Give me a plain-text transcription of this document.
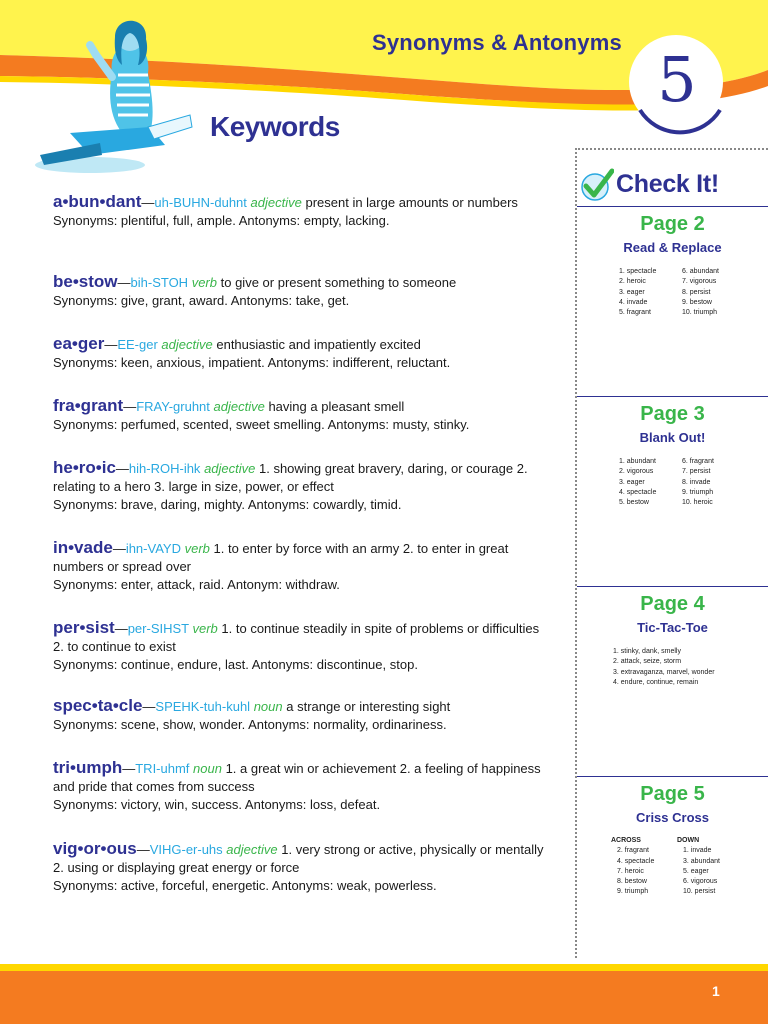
Synonyms & Antonyms
5
Keywords
a•bun•dant—uh-BUHN-duhnt adjective present in large amounts or numbers
Synonyms: plentiful, full, ample. Antonyms: empty, lacking.
be•stow—bih-STOH verb to give or present something to someone
Synonyms: give, grant, award. Antonyms: take, get.
ea•ger—EE-ger adjective enthusiastic and impatiently excited
Synonyms: keen, anxious, impatient. Antonyms: indifferent, reluctant.
fra•grant—FRAY-gruhnt adjective having a pleasant smell
Synonyms: perfumed, scented, sweet smelling. Antonyms: musty, stinky.
he•ro•ic—hih-ROH-ihk adjective 1. showing great bravery, daring, or courage 2. relating to a hero 3. large in size, power, or effect
Synonyms: brave, daring, mighty. Antonyms: cowardly, timid.
in•vade—ihn-VAYD verb 1. to enter by force with an army 2. to enter in great numbers or spread over
Synonyms: enter, attack, raid. Antonym: withdraw.
per•sist—per-SIHST verb 1. to continue steadily in spite of problems or difficulties 2. to continue to exist
Synonyms: continue, endure, last. Antonyms: discontinue, stop.
spec•ta•cle—SPEHK-tuh-kuhl noun a strange or interesting sight
Synonyms: scene, show, wonder. Antonyms: normality, ordinariness.
tri•umph—TRI-uhmf noun 1. a great win or achievement 2. a feeling of happiness and pride that comes from success
Synonyms: victory, win, success. Antonyms: loss, defeat.
vig•or•ous—VIHG-er-uhs adjective 1. very strong or active, physically or mentally 2. using or displaying great energy or force
Synonyms: active, forceful, energetic. Antonyms: weak, powerless.
Check It!
Page 2
Read & Replace
1. spectacle
2. heroic
3. eager
4. invade
5. fragrant
6. abundant
7. vigorous
8. persist
9. bestow
10. triumph
Page 3
Blank Out!
1. abundant
2. vigorous
3. eager
4. spectacle
5. bestow
6. fragrant
7. persist
8. invade
9. triumph
10. heroic
Page 4
Tic-Tac-Toe
1. stinky, dank, smelly
2. attack, seize, storm
3. extravaganza, marvel, wonder
4. endure, continue, remain
Page 5
Criss Cross
ACROSS
2. fragrant
4. spectacle
7. heroic
8. bestow
9. triumph
DOWN
1. invade
3. abundant
5. eager
6. vigorous
10. persist
1
